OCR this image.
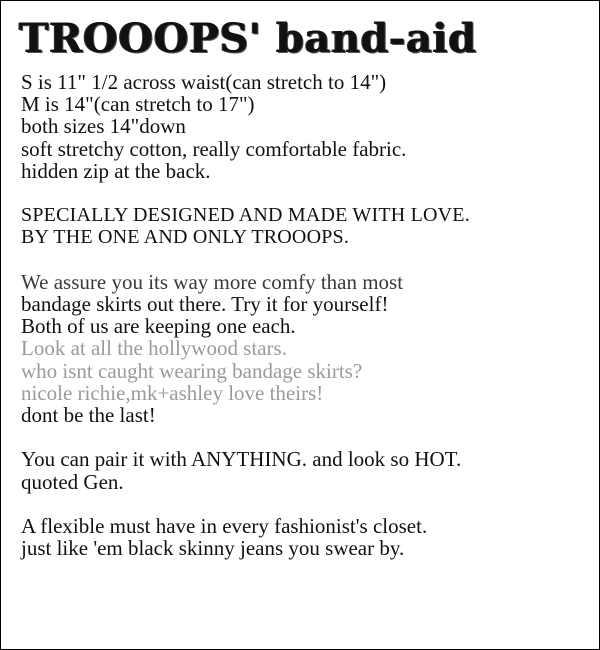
TROOOPS' band-aid
S is 11" 1/2 across waist(can stretch to 14")
M is 14"(can stretch to 17")
both sizes 14"down
soft stretchy cotton, really comfortable fabric.
hidden zip at the back.
SPECIALLY DESIGNED AND MADE WITH LOVE.
BY THE ONE AND ONLY TROOOPS.
We assure you its way more comfy than most
bandage skirts out there. Try it for yourself!
Both of us are keeping one each.
Look at all the hollywood stars.
who isnt caught wearing bandage skirts?
nicole richie,mk+ashley love theirs!
dont be the last!
You can pair it with ANYTHING. and look so HOT.
quoted Gen.
A flexible must have in every fashionist's closet.
just like 'em black skinny jeans you swear by.
